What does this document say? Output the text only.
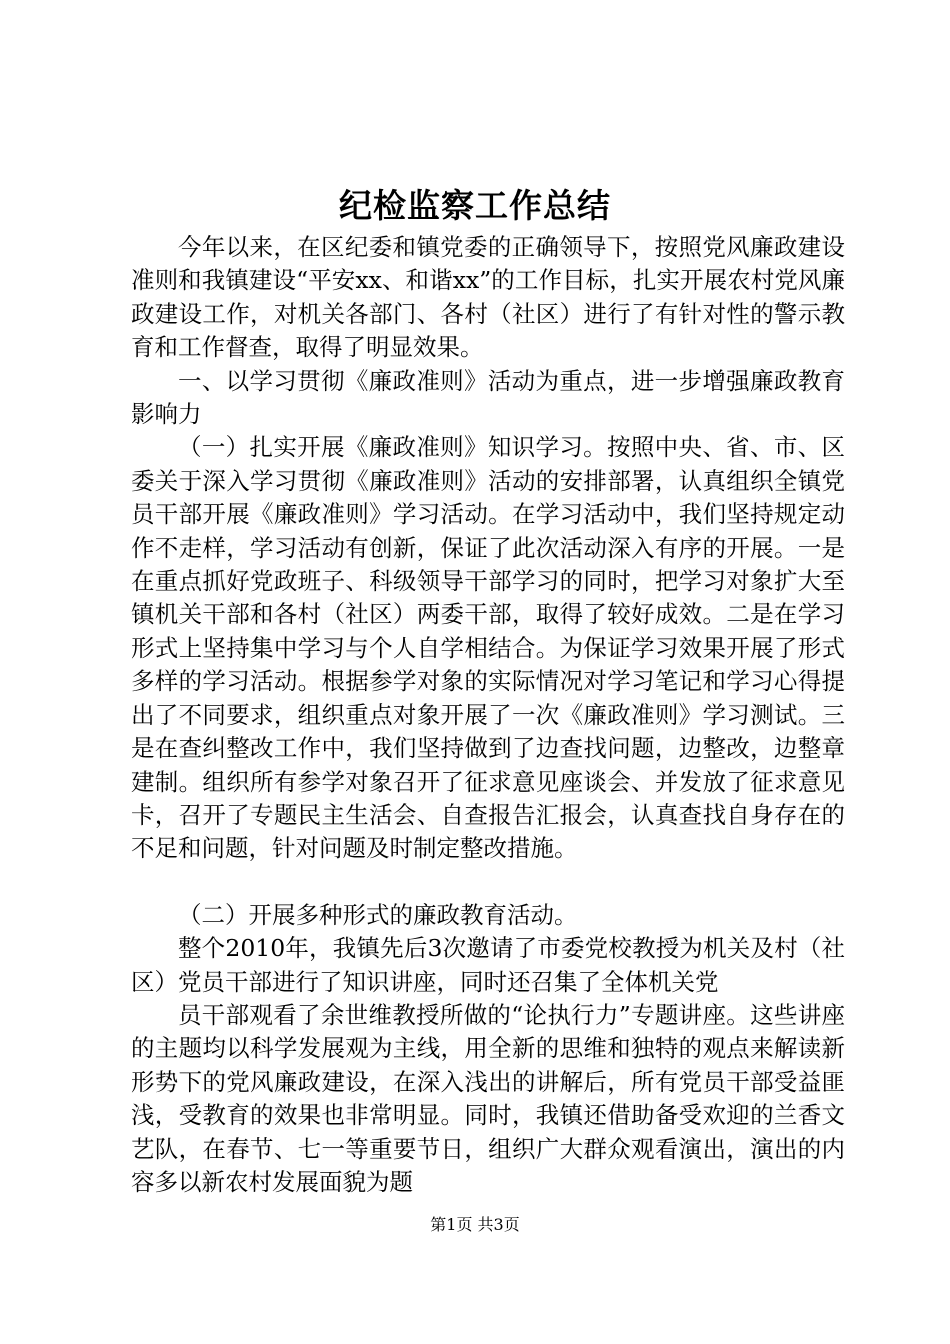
纪检监察工作总结

今年以来，在区纪委和镇党委的正确领导下，按照党风廉政建设准则和我镇建设“平安xx、和谐xx”的工作目标，扎实开展农村党风廉政建设工作，对机关各部门、各村（社区）进行了有针对性的警示教育和工作督查，取得了明显效果。

一、以学习贯彻《廉政准则》活动为重点，进一步增强廉政教育影响力

（一）扎实开展《廉政准则》知识学习。按照中央、省、市、区委关于深入学习贯彻《廉政准则》活动的安排部署，认真组织全镇党员干部开展《廉政准则》学习活动。在学习活动中，我们坚持规定动作不走样，学习活动有创新，保证了此次活动深入有序的开展。一是在重点抓好党政班子、科级领导干部学习的同时，把学习对象扩大至镇机关干部和各村（社区）两委干部，取得了较好成效。二是在学习形式上坚持集中学习与个人自学相结合。为保证学习效果开展了形式多样的学习活动。根据参学对象的实际情况对学习笔记和学习心得提出了不同要求，组织重点对象开展了一次《廉政准则》学习测试。三是在查纠整改工作中，我们坚持做到了边查找问题，边整改，边整章建制。组织所有参学对象召开了征求意见座谈会、并发放了征求意见卡，召开了专题民主生活会、自查报告汇报会，认真查找自身存在的不足和问题，针对问题及时制定整改措施。

（二）开展多种形式的廉政教育活动。

整个2010年，我镇先后3次邀请了市委党校教授为机关及村（社区）党员干部进行了知识讲座，同时还召集了全体机关党

员干部观看了余世维教授所做的“论执行力”专题讲座。这些讲座的主题均以科学发展观为主线，用全新的思维和独特的观点来解读新形势下的党风廉政建设，在深入浅出的讲解后，所有党员干部受益匪浅，受教育的效果也非常明显。同时，我镇还借助备受欢迎的兰香文艺队，在春节、七一等重要节日，组织广大群众观看演出，演出的内容多以新农村发展面貌为题

第1页 共3页
